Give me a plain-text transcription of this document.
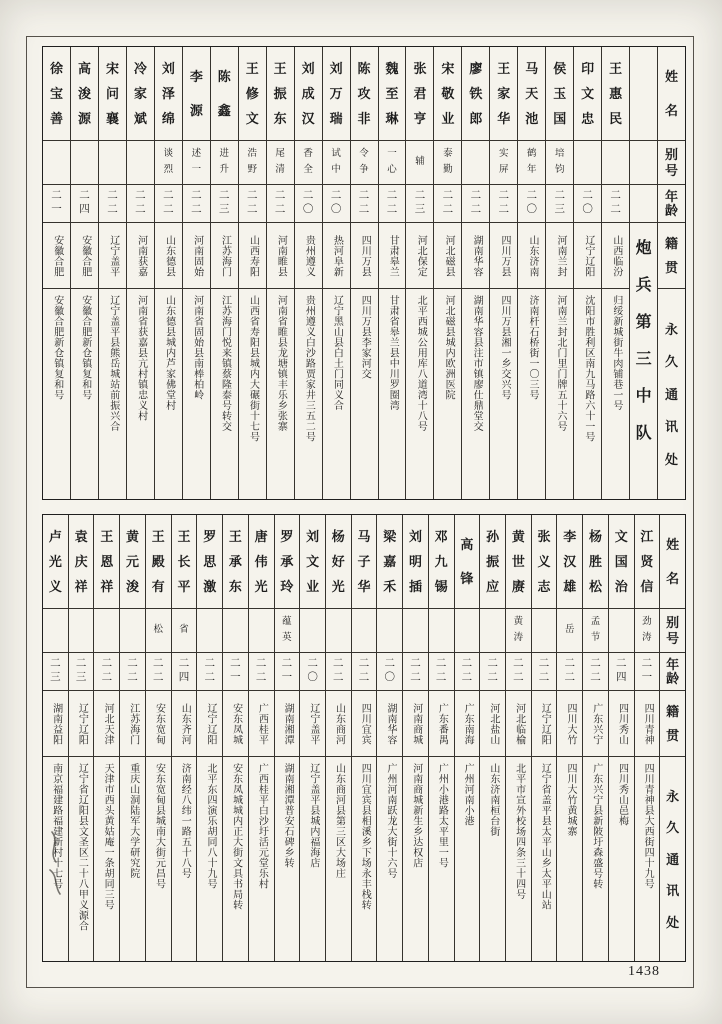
姓
名
别
号
年
龄
籍
贯
永
久
通
讯
处
炮
兵
第
三
中
队
王
惠
民
二
二
山西临汾
归绥新城街牛肉铺巷一号
印
文
忠
二
〇
辽宁辽阳
沈阳市胜利区南九马路六十一号
侯
玉
国
培
钧
二
三
河南兰封
河南兰封北门里门牌五十六号
马
天
池
鹤
年
二
〇
山东济南
济南杆石桥街一〇三号
王
家
华
实
屏
二
二
四川万县
四川万县湘一乡交兴号
廖
铁
郎
二
二
湖南华容
湖南华容县注市镇廖仕鼎堂交
宋
敬
业
泰
勤
二
二
河北磁县
河北磁县城内欧洲医院
张
君
亨
辅
二
三
河北保定
北平西城公用库八道湾十八号
魏
至
琳
一
心
二
二
甘肃皋兰
甘肃省皋兰县中川罗圈湾
陈
攻
非
令
争
二
二
四川万县
四川万县李家河交
刘
万
瑞
试
中
二
〇
热河阜新
辽宁黑山县白土门同义合
刘
成
汉
香
全
二
〇
贵州遵义
贵州遵义白沙路贾家井三五二号
王
振
东
尾
清
二
二
河南睢县
河南省睢县龙塘镇丰乐乡张寨
王
修
文
浩
野
二
二
山西寿阳
山西省寿阳县城内大碾街十七号
陈
鑫
进
升
二
三
江苏海门
江苏海门悦来镇蔡隆泰号转交
李
源
述
一
二
二
河南固始
河南省固始县南棒柏岭
刘
泽
绵
谈
烈
二
二
山东德县
山东德县城内芦家佛堂村
冷
家
斌
二
二
河南获嘉
河南省获嘉县亢村镇忠义村
宋
问
襄
二
二
辽宁盖平
辽宁盖平县熊岳城站前振兴合
高
浚
源
二
四
安徽合肥
安徽合肥新仓镇复和号
徐
宝
善
二
一
安徽合肥
安徽合肥新仓镇复和号
姓
名
别
号
年
龄
籍
贯
永
久
通
讯
处
江
贤
信
劲
涛
二
一
四川青神
四川青神县大西街四十九号
文
国
治
二
四
四川秀山
四川秀山邑梅
杨
胜
松
孟
节
二
二
广东兴宁
广东兴宁县新陂圩森盛号转
李
汉
雄
岳
二
二
四川大竹
四川大竹黄城寨
张
义
志
二
二
辽宁辽阳
辽宁省盖平县太平山乡太平山站
黄
世
赓
黄
涛
二
二
河北临榆
北平市宣外校场四条三十四号
孙
振
应
二
二
河北盐山
山东济南桓台街
高
锋
二
二
广东南海
广州河南小港
邓
九
锡
二
二
广东番禺
广州小港路太平里一号
刘
明
插
二
二
河南商城
河南商城新生乡达权店
梁
嘉
禾
二
〇
湖南华容
广州河南跃龙大街十六号
马
子
华
二
二
四川宜宾
四川宜宾县相溪乡下场永丰栈转
杨
好
光
二
二
山东商河
山东商河县第三区大场庄
刘
文
业
二
〇
辽宁盖平
辽宁盖平县城内福海店
罗
承
玲
蕴
英
二
一
湖南湘潭
湖南湘潭普安石碑乡转
唐
伟
光
二
二
广西桂平
广西桂平白沙圩活元堂乐村
王
承
东
二
一
安东凤城
安东凤城城内正大街文具书局转
罗
思
激
二
二
辽宁辽阳
北平东四演乐胡同八十九号
王
长
平
省
二
四
山东齐河
济南经八纬一路五十八号
王
殿
有
松
二
二
安东宽甸
安东宽甸县城南大街元昌号
黄
元
浚
二
二
江苏海门
重庆山洞陆军大学研究院
王
恩
祥
二
二
河北天津
天津市西头黄姑庵一条胡同三号
袁
庆
祥
二
三
辽宁辽阳
辽宁省辽阳县文圣区二十八甲义源合
卢
光
义
二
三
湖南益阳
南京福建路福建新村十七号
1438
